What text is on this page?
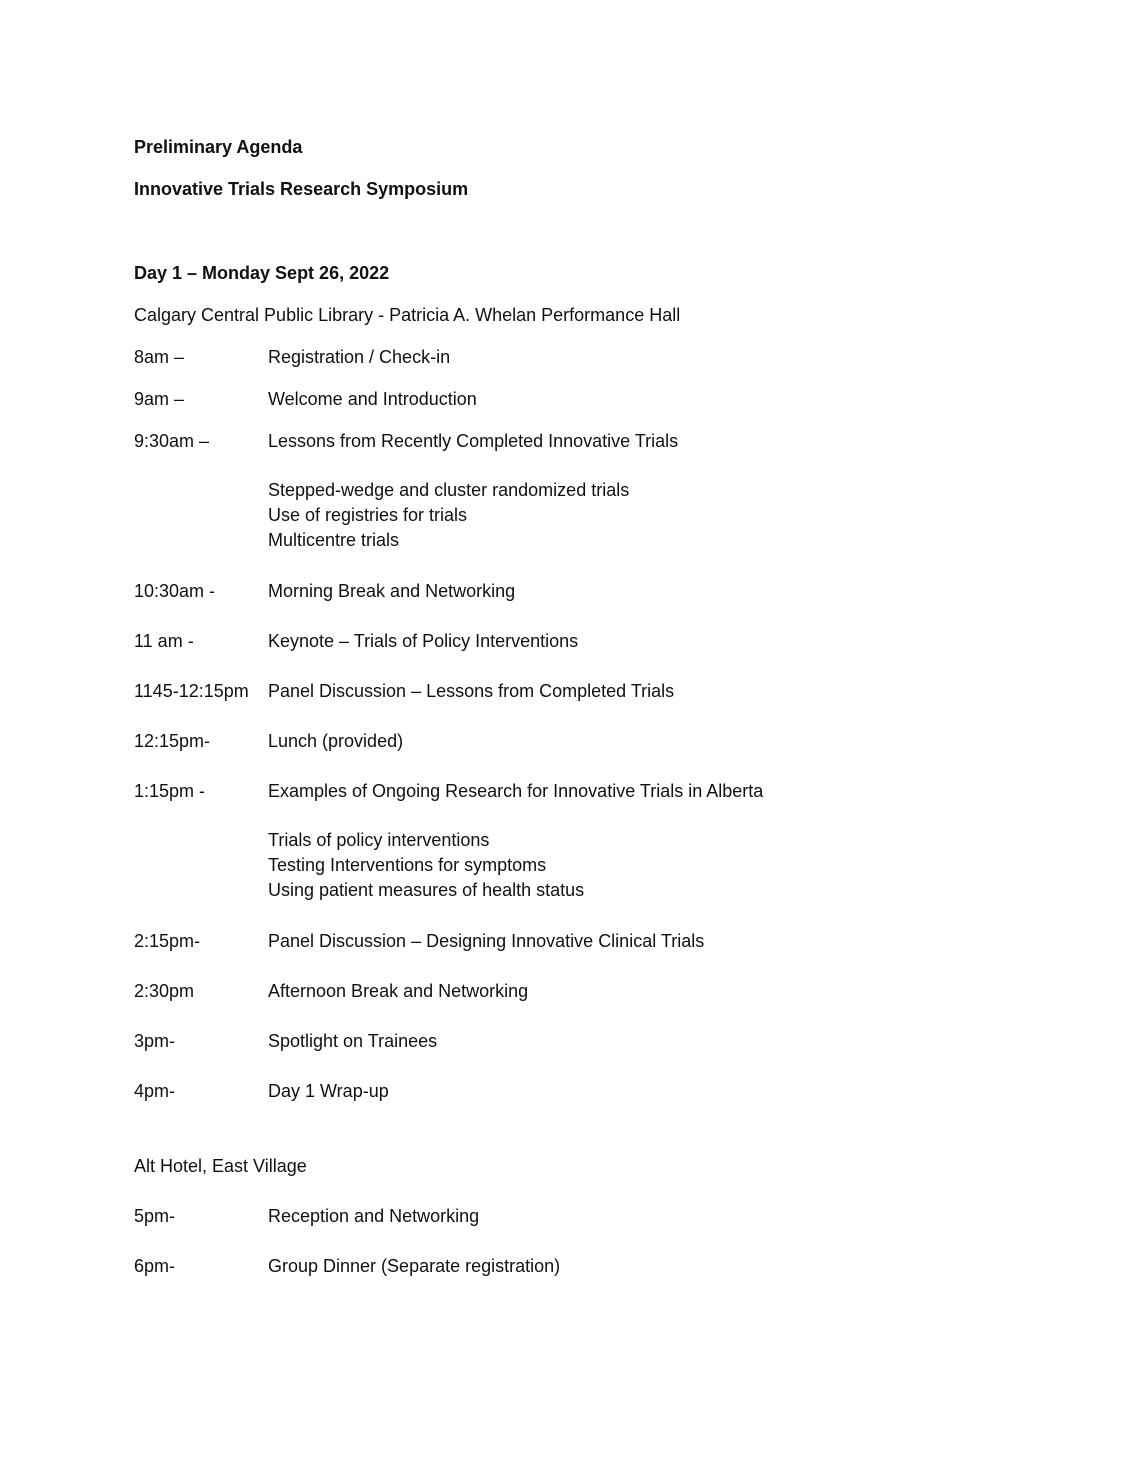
Preliminary Agenda
Innovative Trials Research Symposium
Day 1 – Monday Sept 26, 2022
Calgary Central Public Library - Patricia A. Whelan Performance Hall
8am –	Registration / Check-in
9am –	Welcome and Introduction
9:30am –	Lessons from Recently Completed Innovative Trials
Stepped-wedge and cluster randomized trials
Use of registries for trials
Multicentre trials
10:30am -	Morning Break and Networking
11 am -	Keynote – Trials of Policy Interventions
1145-12:15pm Panel Discussion – Lessons from Completed Trials
12:15pm-	Lunch (provided)
1:15pm -	Examples of Ongoing Research for Innovative Trials in Alberta
Trials of policy interventions
Testing Interventions for symptoms
Using patient measures of health status
2:15pm-	Panel Discussion – Designing Innovative Clinical Trials
2:30pm	Afternoon Break and Networking
3pm-	Spotlight on Trainees
4pm-	Day 1 Wrap-up
Alt Hotel, East Village
5pm-	Reception and Networking
6pm-	Group Dinner (Separate registration)
